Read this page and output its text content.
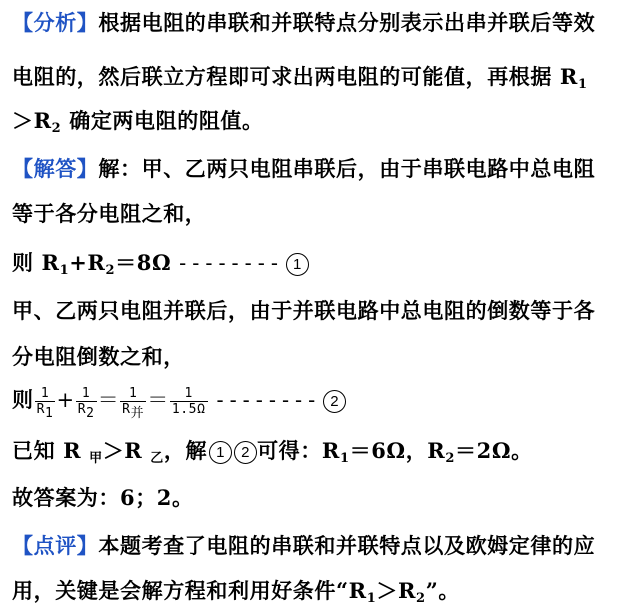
【分析】根据电阻的串联和并联特点分别表示出串并联后等效
电阻的，然后联立方程即可求出两电阻的可能值，再根据 $R_1$
$>R_2$ 确定两电阻的阻值。
【解答】解：甲、乙两只电阻串联后，由于串联电路中总电阻
等于各分电阻之和，
则 $R_1+R_2=8\Omega$ -------- 1
甲、乙两只电阻并联后，由于并联电路中总电阻的倒数等于各
分电阻倒数之和，
则 $\frac{1}{R_1} + \frac{1}{R_2} = \frac{1}{R_并} = \frac{1}{1.5\Omega}$ -------- 2
已知 R $_甲$＞R $_乙$，解 1 2 可得：$R_1=6\Omega$，$R_2=2\Omega$。
故答案为：6；2。
【点评】本题考查了电阻的串联和并联特点以及欧姆定律的应
用，关键是会解方程和利用好条件“$R_1>R_2$”。
